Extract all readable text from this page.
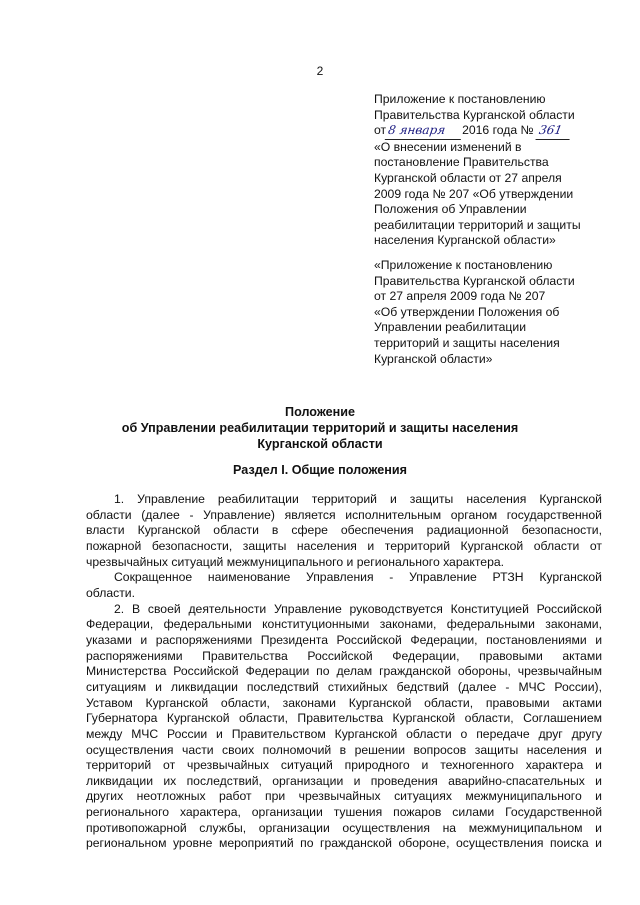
2
Приложение к постановлению
Правительства Курганской области
от8 января 2016 года № 361
«О внесении изменений в
постановление Правительства
Курганской области от 27 апреля
2009 года № 207 «Об утверждении
Положения об Управлении
реабилитации территорий и защиты
населения Курганской области»
«Приложение к постановлению
Правительства Курганской области
от 27 апреля 2009 года № 207
«Об утверждении Положения об
Управлении реабилитации
территорий и защиты населения
Курганской области»
Положение
об Управлении реабилитации территорий и защиты населения
Курганской области
Раздел I. Общие положения
1. Управление реабилитации территорий и защиты населения Курганской
области (далее - Управление) является исполнительным органом государственной
власти Курганской области в сфере обеспечения радиационной безопасности,
пожарной безопасности, защиты населения и территорий Курганской области от
чрезвычайных ситуаций межмуниципального и регионального характера.
Сокращенное наименование Управления - Управление РТЗН Курганской
области.
2. В своей деятельности Управление руководствуется Конституцией Российской
Федерации, федеральными конституционными законами, федеральными законами,
указами и распоряжениями Президента Российской Федерации, постановлениями и
распоряжениями Правительства Российской Федерации, правовыми актами
Министерства Российской Федерации по делам гражданской обороны, чрезвычайным
ситуациям и ликвидации последствий стихийных бедствий (далее - МЧС России),
Уставом Курганской области, законами Курганской области, правовыми актами
Губернатора Курганской области, Правительства Курганской области, Соглашением
между МЧС России и Правительством Курганской области о передаче друг другу
осуществления части своих полномочий в решении вопросов защиты населения и
территорий от чрезвычайных ситуаций природного и техногенного характера и
ликвидации их последствий, организации и проведения аварийно-спасательных и
других неотложных работ при чрезвычайных ситуациях межмуниципального и
регионального характера, организации тушения пожаров силами Государственной
противопожарной службы, организации осуществления на межмуниципальном и
региональном уровне мероприятий по гражданской обороне, осуществления поиска и
